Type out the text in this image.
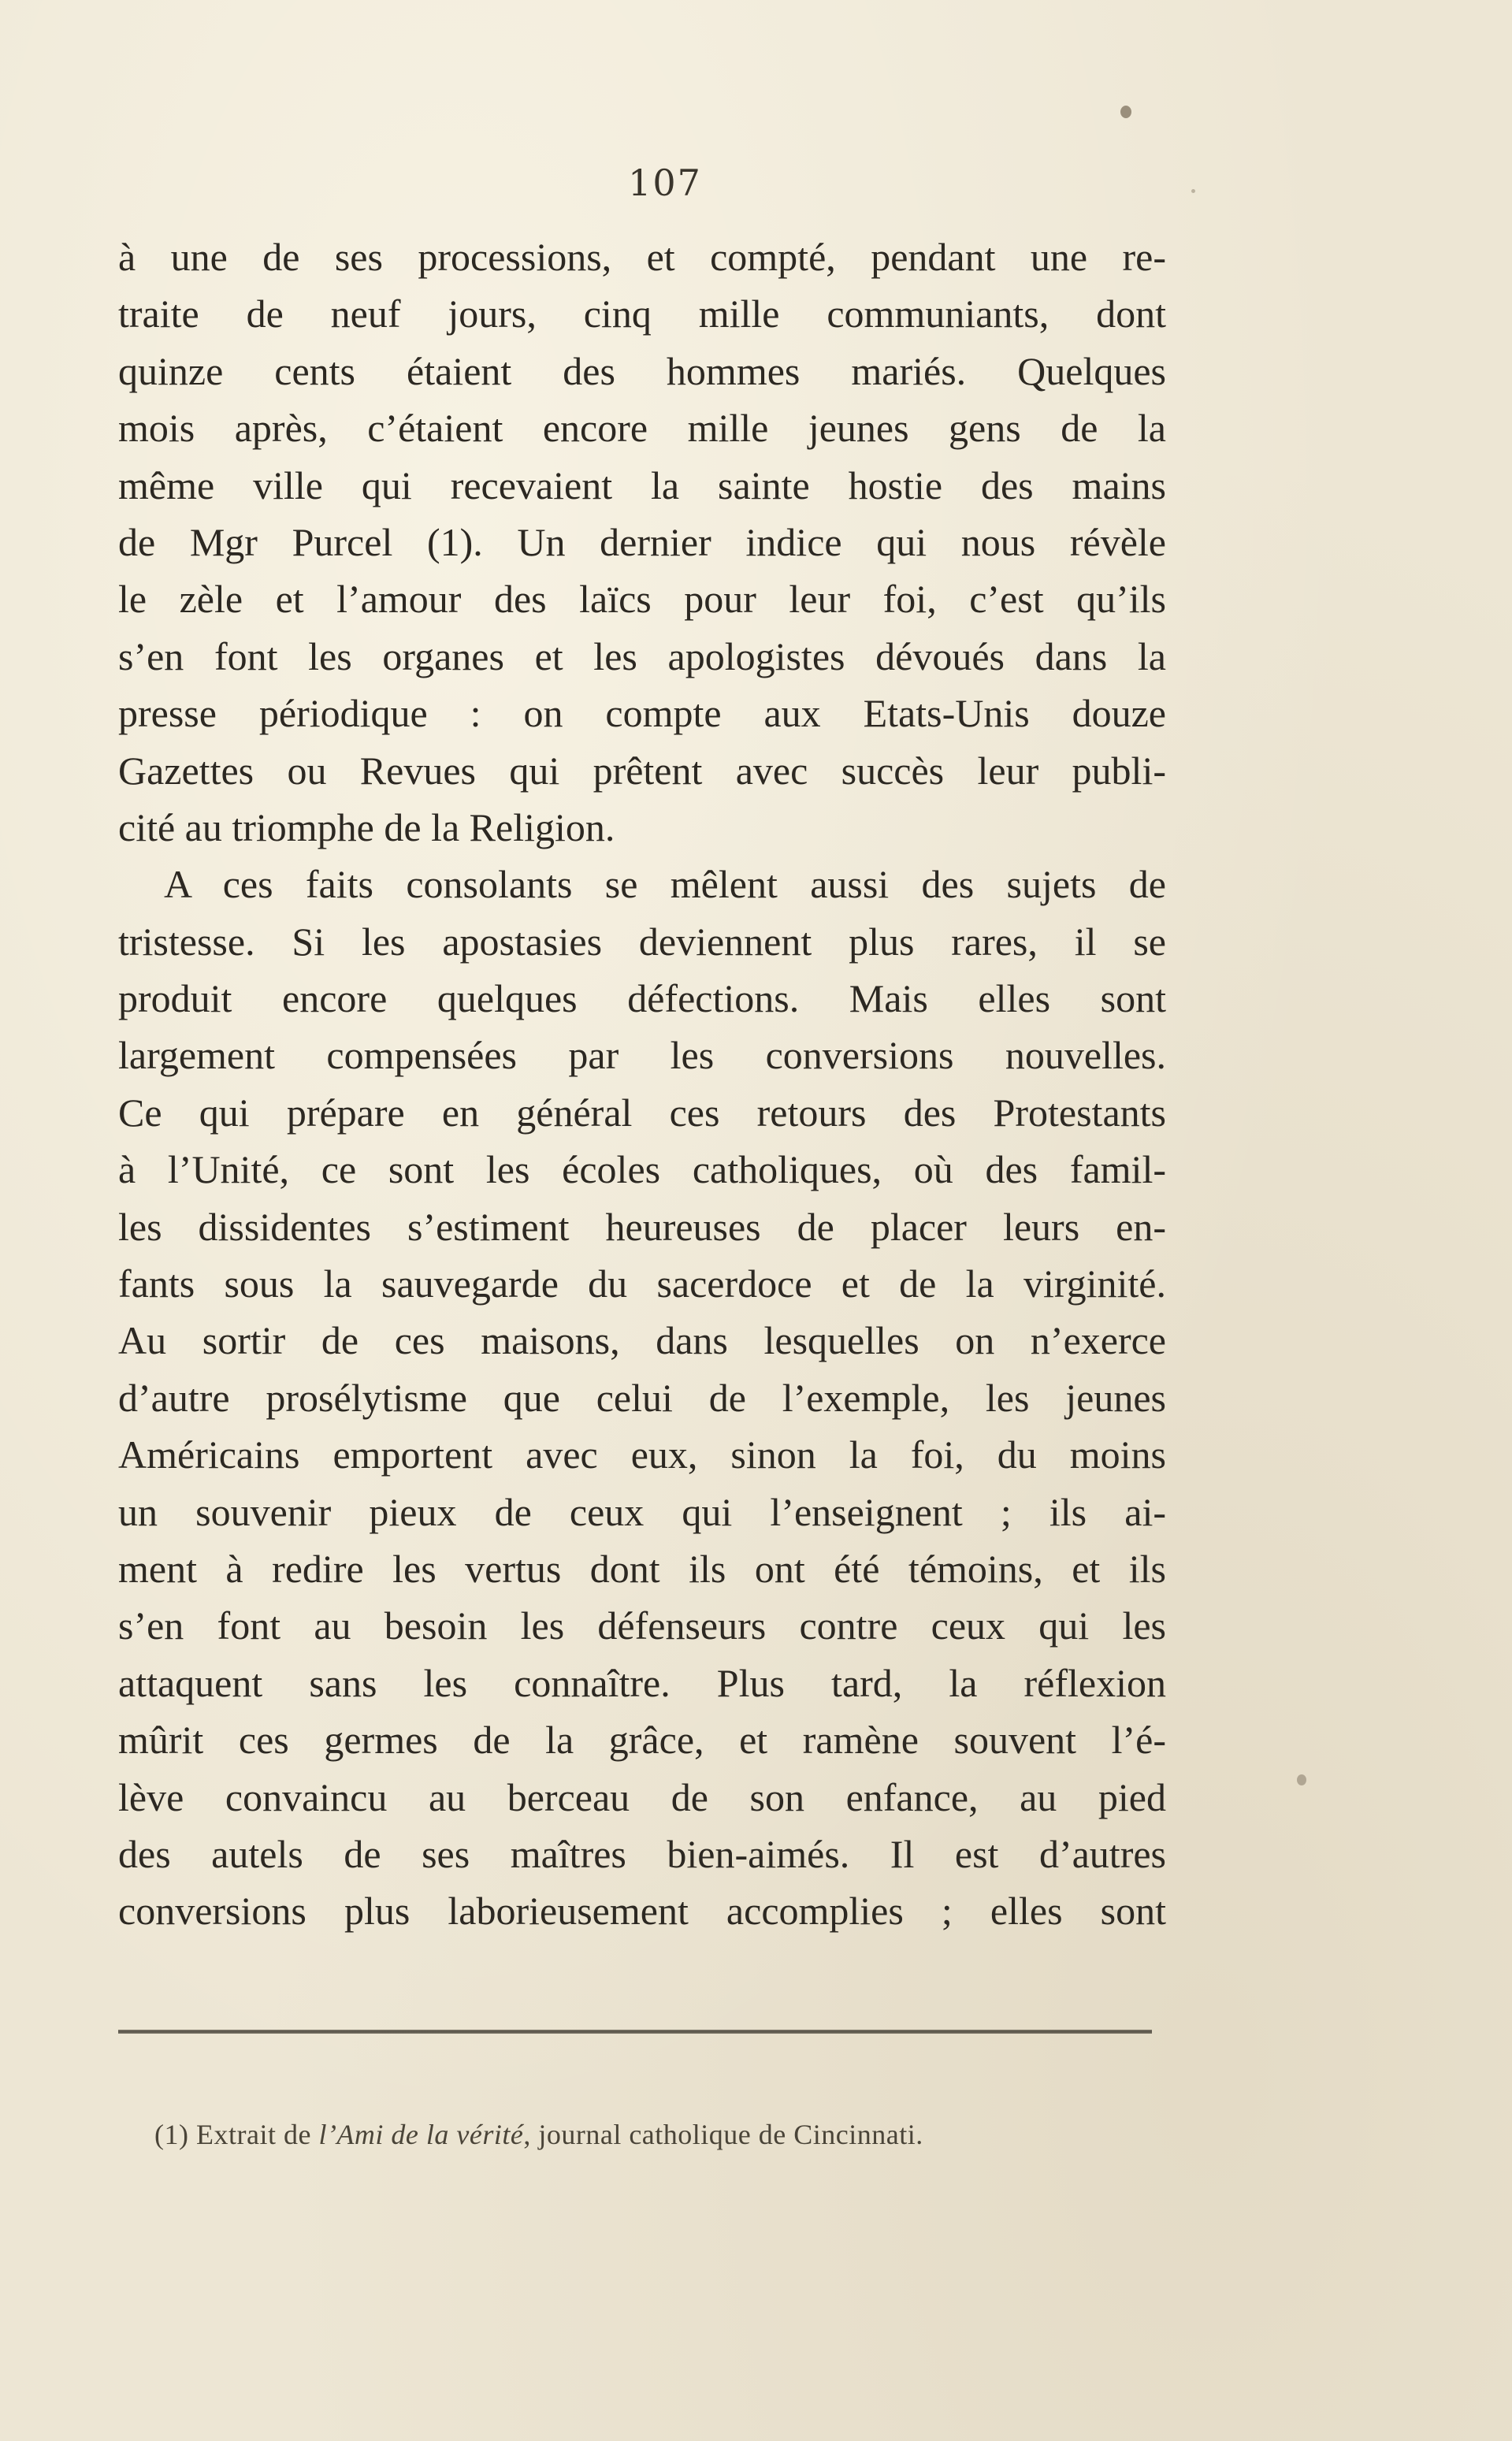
107
à une de ses processions, et compté, pendant une re-
traite de neuf jours, cinq mille communiants, dont
quinze cents étaient des hommes mariés. Quelques
mois après, c’étaient encore mille jeunes gens de la
même ville qui recevaient la sainte hostie des mains
de Mgr Purcel (1). Un dernier indice qui nous révèle
le zèle et l’amour des laïcs pour leur foi, c’est qu’ils
s’en font les organes et les apologistes dévoués dans la
presse périodique : on compte aux Etats-Unis douze
Gazettes ou Revues qui prêtent avec succès leur publi-
cité au triomphe de la Religion.
A ces faits consolants se mêlent aussi des sujets de
tristesse. Si les apostasies deviennent plus rares, il se
produit encore quelques défections. Mais elles sont
largement compensées par les conversions nouvelles.
Ce qui prépare en général ces retours des Protestants
à l’Unité, ce sont les écoles catholiques, où des famil-
les dissidentes s’estiment heureuses de placer leurs en-
fants sous la sauvegarde du sacerdoce et de la virginité.
Au sortir de ces maisons, dans lesquelles on n’exerce
d’autre prosélytisme que celui de l’exemple, les jeunes
Américains emportent avec eux, sinon la foi, du moins
un souvenir pieux de ceux qui l’enseignent ; ils ai-
ment à redire les vertus dont ils ont été témoins, et ils
s’en font au besoin les défenseurs contre ceux qui les
attaquent sans les connaître. Plus tard, la réflexion
mûrit ces germes de la grâce, et ramène souvent l’é-
lève convaincu au berceau de son enfance, au pied
des autels de ses maîtres bien-aimés. Il est d’autres
conversions plus laborieusement accomplies ; elles sont
(1) Extrait de l’Ami de la vérité, journal catholique de Cincinnati.
